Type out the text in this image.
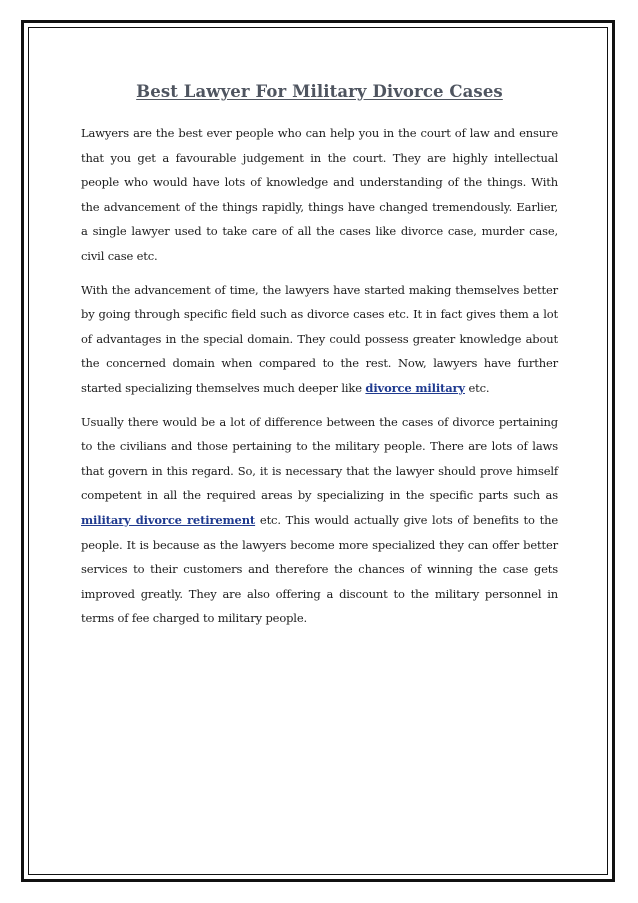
Best Lawyer For Military Divorce Cases

Lawyers are the best ever people who can help you in the court of law and ensure that you get a favourable judgement in the court. They are highly intellectual people who would have lots of knowledge and understanding of the things. With the advancement of the things rapidly, things have changed tremendously. Earlier, a single lawyer used to take care of all the cases like divorce case, murder case, civil case etc.

With the advancement of time, the lawyers have started making themselves better by going through specific field such as divorce cases etc. It in fact gives them a lot of advantages in the special domain. They could possess greater knowledge about the concerned domain when compared to the rest. Now, lawyers have further started specializing themselves much deeper like divorce military etc.

Usually there would be a lot of difference between the cases of divorce pertaining to the civilians and those pertaining to the military people. There are lots of laws that govern in this regard. So, it is necessary that the lawyer should prove himself competent in all the required areas by specializing in the specific parts such as military divorce retirement etc. This would actually give lots of benefits to the people. It is because as the lawyers become more specialized they can offer better services to their customers and therefore the chances of winning the case gets improved greatly. They are also offering a discount to the military personnel in terms of fee charged to military people.
